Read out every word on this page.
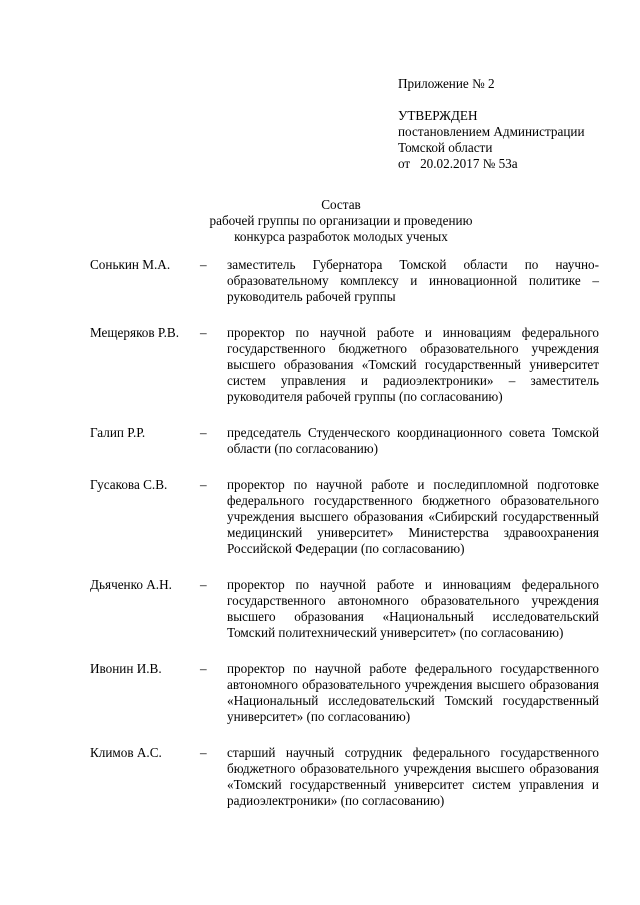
Приложение № 2
УТВЕРЖДЕН
постановлением Администрации
Томской области
от   20.02.2017 № 53а
Состав
рабочей группы по организации и проведению
конкурса разработок молодых ученых
Сонькин М.А.	–	заместитель Губернатора Томской области по научно-образовательному комплексу и инновационной политике – руководитель рабочей группы
Мещеряков Р.В.	–	проректор по научной работе и инновациям федерального государственного бюджетного образовательного учреждения высшего образования «Томский государственный университет систем управления и радиоэлектроники» – заместитель руководителя рабочей группы (по согласованию)
Галип Р.Р.	–	председатель Студенческого координационного совета Томской области (по согласованию)
Гусакова С.В.	–	проректор по научной работе и последипломной подготовке федерального государственного бюджетного образовательного учреждения высшего образования «Сибирский государственный медицинский университет» Министерства здравоохранения Российской Федерации (по согласованию)
Дьяченко А.Н.	–	проректор по научной работе и инновациям федерального государственного автономного образовательного учреждения высшего образования «Национальный исследовательский Томский политехнический университет» (по согласованию)
Ивонин И.В.	–	проректор по научной работе федерального государственного автономного образовательного учреждения высшего образования «Национальный исследовательский Томский государственный университет» (по согласованию)
Климов А.С.	–	старший научный сотрудник федерального государственного бюджетного образовательного учреждения высшего образования «Томский государственный университет систем управления и радиоэлектроники» (по согласованию)
